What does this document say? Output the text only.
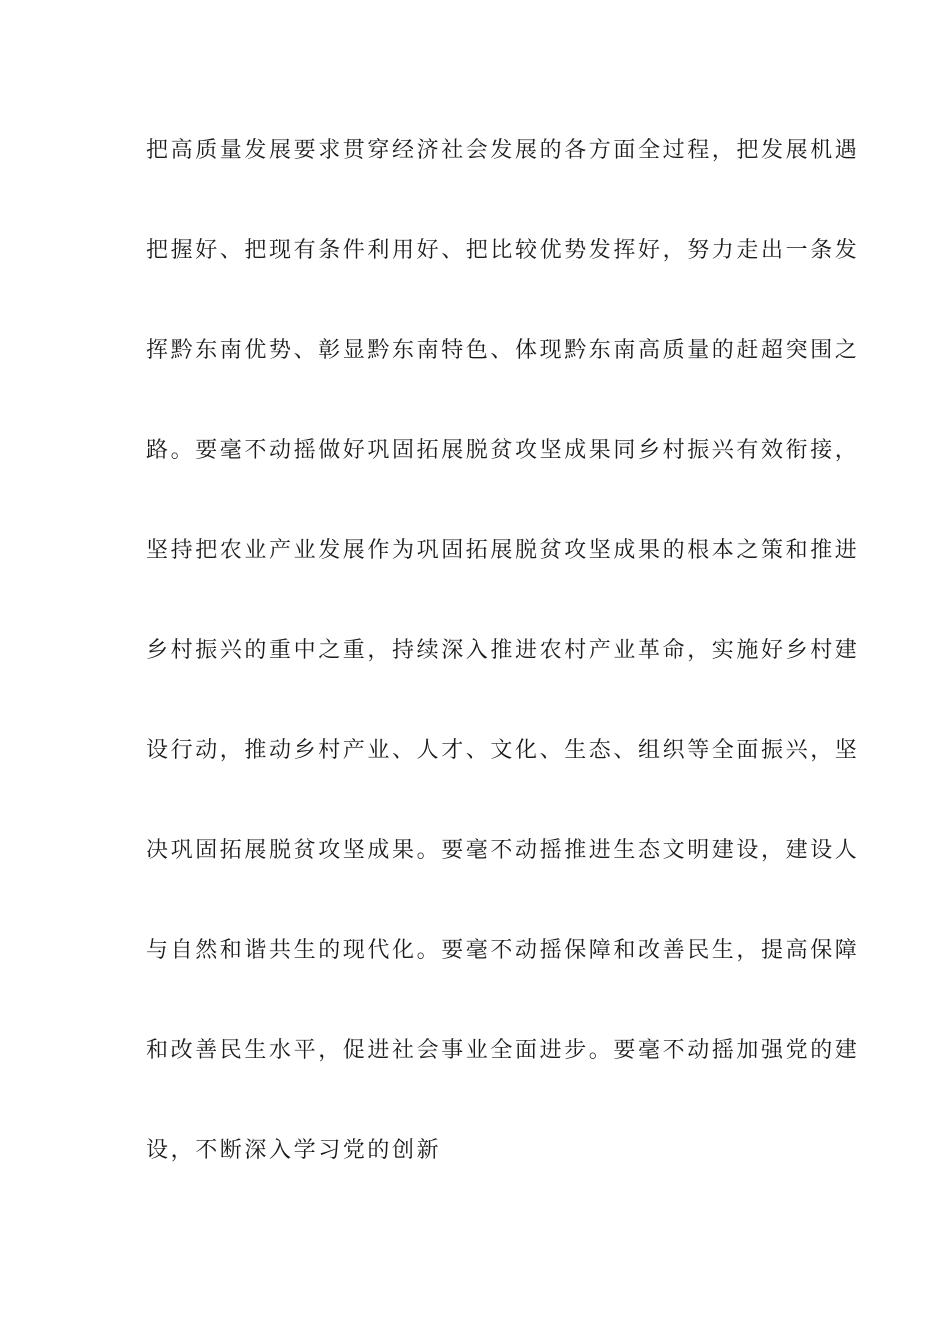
把高质量发展要求贯穿经济社会发展的各方面全过程，把发展机遇
把握好、把现有条件利用好、把比较优势发挥好，努力走出一条发
挥黔东南优势、彰显黔东南特色、体现黔东南高质量的赶超突围之
路。要毫不动摇做好巩固拓展脱贫攻坚成果同乡村振兴有效衔接，
坚持把农业产业发展作为巩固拓展脱贫攻坚成果的根本之策和推进
乡村振兴的重中之重，持续深入推进农村产业革命，实施好乡村建
设行动，推动乡村产业、人才、文化、生态、组织等全面振兴，坚
决巩固拓展脱贫攻坚成果。要毫不动摇推进生态文明建设，建设人
与自然和谐共生的现代化。要毫不动摇保障和改善民生，提高保障
和改善民生水平，促进社会事业全面进步。要毫不动摇加强党的建
设，不断深入学习党的创新
